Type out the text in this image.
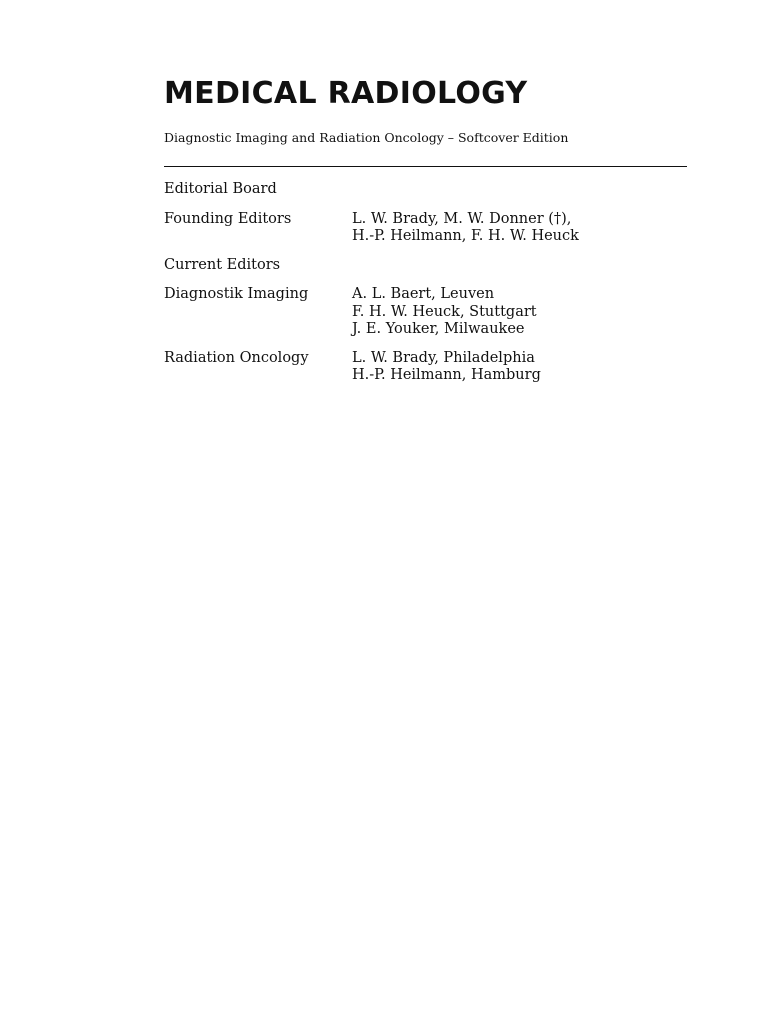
MEDICAL RADIOLOGY

Diagnostic Imaging and Radiation Oncology – Softcover Edition

Editorial Board
Founding Editors	L. W. Brady, M. W. Donner (†),
H.-P. Heilmann, F. H. W. Heuck
Current Editors
Diagnostik Imaging	A. L. Baert, Leuven
F. H. W. Heuck, Stuttgart
J. E. Youker, Milwaukee
Radiation Oncology	L. W. Brady, Philadelphia
H.-P. Heilmann, Hamburg
